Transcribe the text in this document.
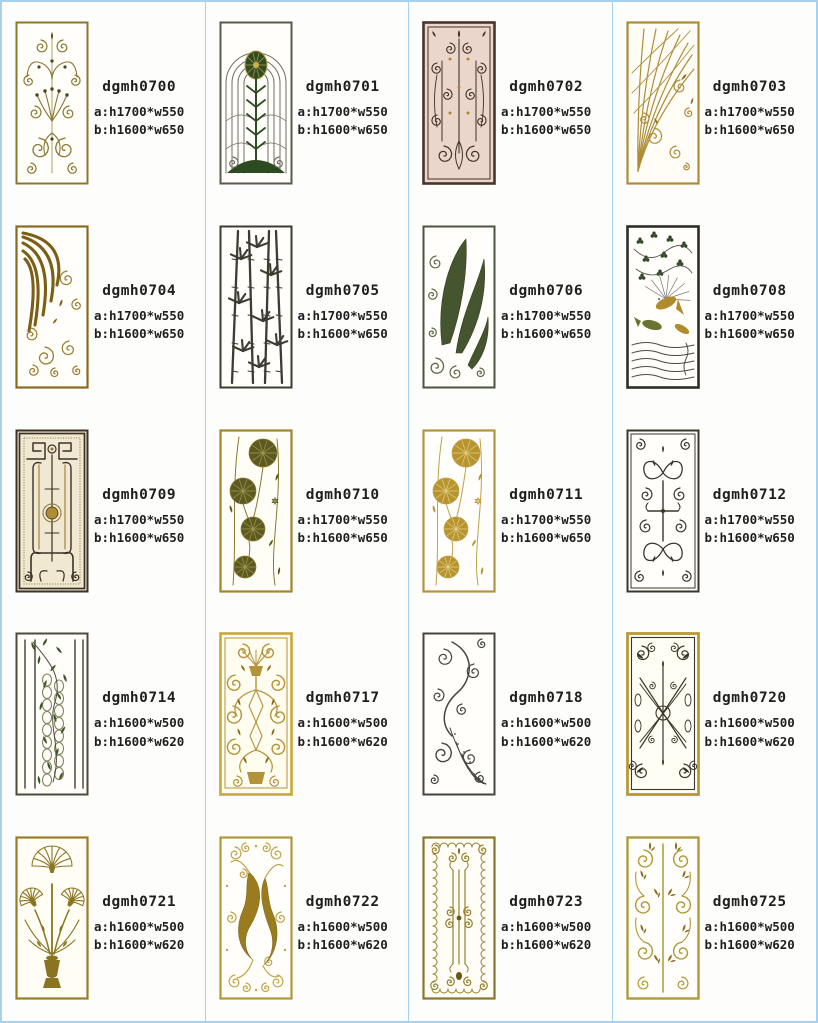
dgmh0700
a:h1700*w550
b:h1600*w650
dgmh0701
a:h1700*w550
b:h1600*w650
dgmh0702
a:h1700*w550
b:h1600*w650
dgmh0703
a:h1700*w550
b:h1600*w650
dgmh0704
a:h1700*w550
b:h1600*w650
dgmh0705
a:h1700*w550
b:h1600*w650
dgmh0706
a:h1700*w550
b:h1600*w650
dgmh0708
a:h1700*w550
b:h1600*w650
dgmh0709
a:h1700*w550
b:h1600*w650
dgmh0710
a:h1700*w550
b:h1600*w650
dgmh0711
a:h1700*w550
b:h1600*w650
dgmh0712
a:h1700*w550
b:h1600*w650
dgmh0714
a:h1600*w500
b:h1600*w620
dgmh0717
a:h1600*w500
b:h1600*w620
dgmh0718
a:h1600*w500
b:h1600*w620
dgmh0720
a:h1600*w500
b:h1600*w620
dgmh0721
a:h1600*w500
b:h1600*w620
dgmh0722
a:h1600*w500
b:h1600*w620
dgmh0723
a:h1600*w500
b:h1600*w620
dgmh0725
a:h1600*w500
b:h1600*w620
